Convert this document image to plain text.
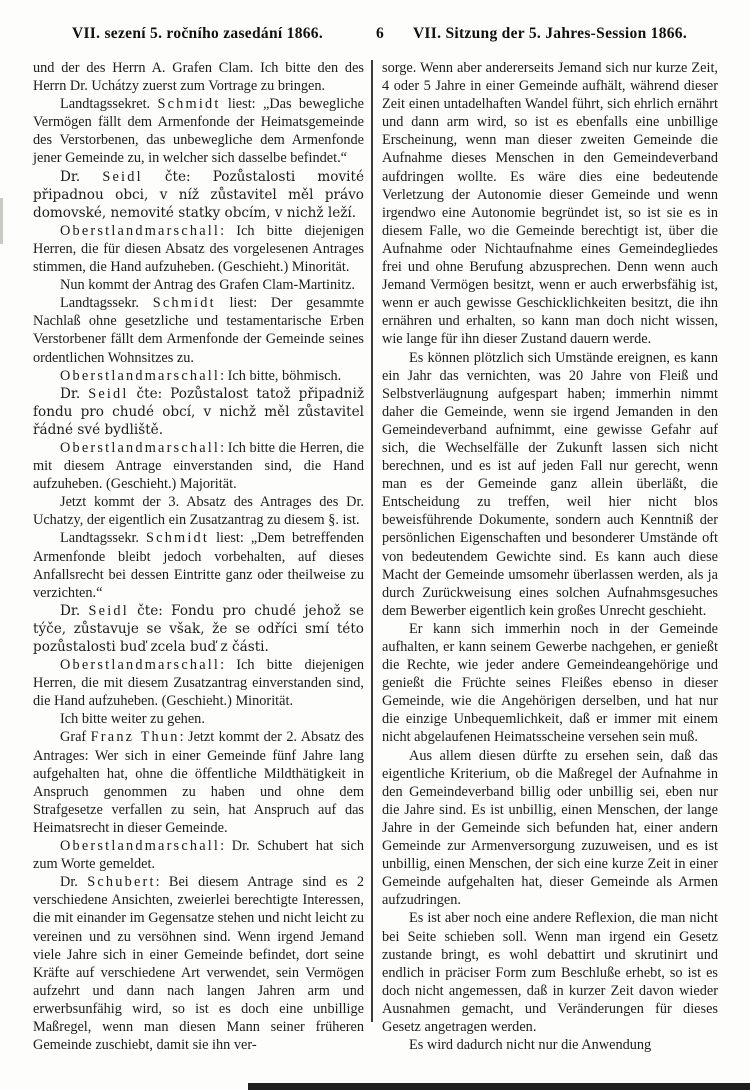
VII. sezení 5. ročního zasedání 1866.	6	VII. Sitzung der 5. Jahres-Session 1866.

und der des Herrn A. Grafen Clam. Ich bitte den des Herrn Dr. Uchátzy zuerst zum Vortrage zu bringen.

Landtagssekret. Schmidt liest: „Das bewegliche Vermögen fällt dem Armenfonde der Heimatsgemeinde des Verstorbenen, das unbewegliche dem Armenfonde jener Gemeinde zu, in welcher sich dasselbe befindet.“

Dr. Seidl čte: Pozůstalosti movité připadnou obci, v níž zůstavitel měl právo domovské, nemovité statky obcím, v nichž leží.

Oberstlandmarschall: Ich bitte diejenigen Herren, die für diesen Absatz des vorgelesenen Antrages stimmen, die Hand aufzuheben. (Geschieht.) Minorität.

Nun kommt der Antrag des Grafen Clam-Martinitz.

Landtagssekr. Schmidt liest: Der gesammte Nachlaß ohne gesetzliche und testamentarische Erben Verstorbener fällt dem Armenfonde der Gemeinde seines ordentlichen Wohnsitzes zu.

Oberstlandmarschall: Ich bitte, böhmisch.

Dr. Seidl čte: Pozůstalost tatož připadniž fondu pro chudé obcí, v nichž měl zůstavitel řádné své bydliště.

Oberstlandmarschall: Ich bitte die Herren, die mit diesem Antrage einverstanden sind, die Hand aufzuheben. (Geschieht.) Majorität.

Jetzt kommt der 3. Absatz des Antrages des Dr. Uchatzy, der eigentlich ein Zusatzantrag zu diesem §. ist.

Landtagssekr. Schmidt liest: „Dem betreffenden Armenfonde bleibt jedoch vorbehalten, auf dieses Anfallsrecht bei dessen Eintritte ganz oder theilweise zu verzichten.“

Dr. Seidl čte: Fondu pro chudé jehož se týče, zůstavuje se však, že se odříci smí této pozůstalosti buď zcela buď z části.

Oberstlandmarschall: Ich bitte diejenigen Herren, die mit diesem Zusatzantrag einverstanden sind, die Hand aufzuheben. (Geschieht.) Minorität.

Ich bitte weiter zu gehen.

Graf Franz Thun: Jetzt kommt der 2. Absatz des Antrages: Wer sich in einer Gemeinde fünf Jahre lang aufgehalten hat, ohne die öffentliche Mildthätigkeit in Anspruch genommen zu haben und ohne dem Strafgesetze verfallen zu sein, hat Anspruch auf das Heimatsrecht in dieser Gemeinde.

Oberstlandmarschall: Dr. Schubert hat sich zum Worte gemeldet.

Dr. Schubert: Bei diesem Antrage sind es 2 verschiedene Ansichten, zweierlei berechtigte Interessen, die mit einander im Gegensatze stehen und nicht leicht zu vereinen und zu versöhnen sind. Wenn irgend Jemand viele Jahre sich in einer Gemeinde befindet, dort seine Kräfte auf verschiedene Art verwendet, sein Vermögen aufzehrt und dann nach langen Jahren arm und erwerbsunfähig wird, so ist es doch eine unbillige Maßregel, wenn man diesen Mann seiner früheren Gemeinde zuschiebt, damit sie ihn ver-

sorge. Wenn aber andererseits Jemand sich nur kurze Zeit, 4 oder 5 Jahre in einer Gemeinde aufhält, während dieser Zeit einen untadelhaften Wandel führt, sich ehrlich ernährt und dann arm wird, so ist es ebenfalls eine unbillige Erscheinung, wenn man dieser zweiten Gemeinde die Aufnahme dieses Menschen in den Gemeindeverband aufdringen wollte. Es wäre dies eine bedeutende Verletzung der Autonomie dieser Gemeinde und wenn irgendwo eine Autonomie begründet ist, so ist sie es in diesem Falle, wo die Gemeinde berechtigt ist, über die Aufnahme oder Nichtaufnahme eines Gemeindegliedes frei und ohne Berufung abzusprechen. Denn wenn auch Jemand Vermögen besitzt, wenn er auch erwerbsfähig ist, wenn er auch gewisse Geschicklichkeiten besitzt, die ihn ernähren und erhalten, so kann man doch nicht wissen, wie lange für ihn dieser Zustand dauern werde.

Es können plötzlich sich Umstände ereignen, es kann ein Jahr das vernichten, was 20 Jahre von Fleiß und Selbstverläugnung aufgespart haben; immerhin nimmt daher die Gemeinde, wenn sie irgend Jemanden in den Gemeindeverband aufnimmt, eine gewisse Gefahr auf sich, die Wechselfälle der Zukunft lassen sich nicht berechnen, und es ist auf jeden Fall nur gerecht, wenn man es der Gemeinde ganz allein überläßt, die Entscheidung zu treffen, weil hier nicht blos beweisführende Dokumente, sondern auch Kenntniß der persönlichen Eigenschaften und besonderer Umstände oft von bedeutendem Gewichte sind. Es kann auch diese Macht der Gemeinde umsomehr überlassen werden, als ja durch Zurückweisung eines solchen Aufnahmsgesuches dem Bewerber eigentlich kein großes Unrecht geschieht.

Er kann sich immerhin noch in der Gemeinde aufhalten, er kann seinem Gewerbe nachgehen, er genießt die Rechte, wie jeder andere Gemeindeangehörige und genießt die Früchte seines Fleißes ebenso in dieser Gemeinde, wie die Angehörigen derselben, und hat nur die einzige Unbequemlichkeit, daß er immer mit einem nicht abgelaufenen Heimatsscheine versehen sein muß.

Aus allem diesen dürfte zu ersehen sein, daß das eigentliche Kriterium, ob die Maßregel der Aufnahme in den Gemeindeverband billig oder unbillig sei, eben nur die Jahre sind. Es ist unbillig, einen Menschen, der lange Jahre in der Gemeinde sich befunden hat, einer andern Gemeinde zur Armenversorgung zuzuweisen, und es ist unbillig, einen Menschen, der sich eine kurze Zeit in einer Gemeinde aufgehalten hat, dieser Gemeinde als Armen aufzudringen.

Es ist aber noch eine andere Reflexion, die man nicht bei Seite schieben soll. Wenn man irgend ein Gesetz zustande bringt, es wohl debattirt und skrutinirt und endlich in präciser Form zum Beschluße erhebt, so ist es doch nicht angemessen, daß in kurzer Zeit davon wieder Ausnahmen gemacht, und Veränderungen für dieses Gesetz angetragen werden.

Es wird dadurch nicht nur die Anwendung
